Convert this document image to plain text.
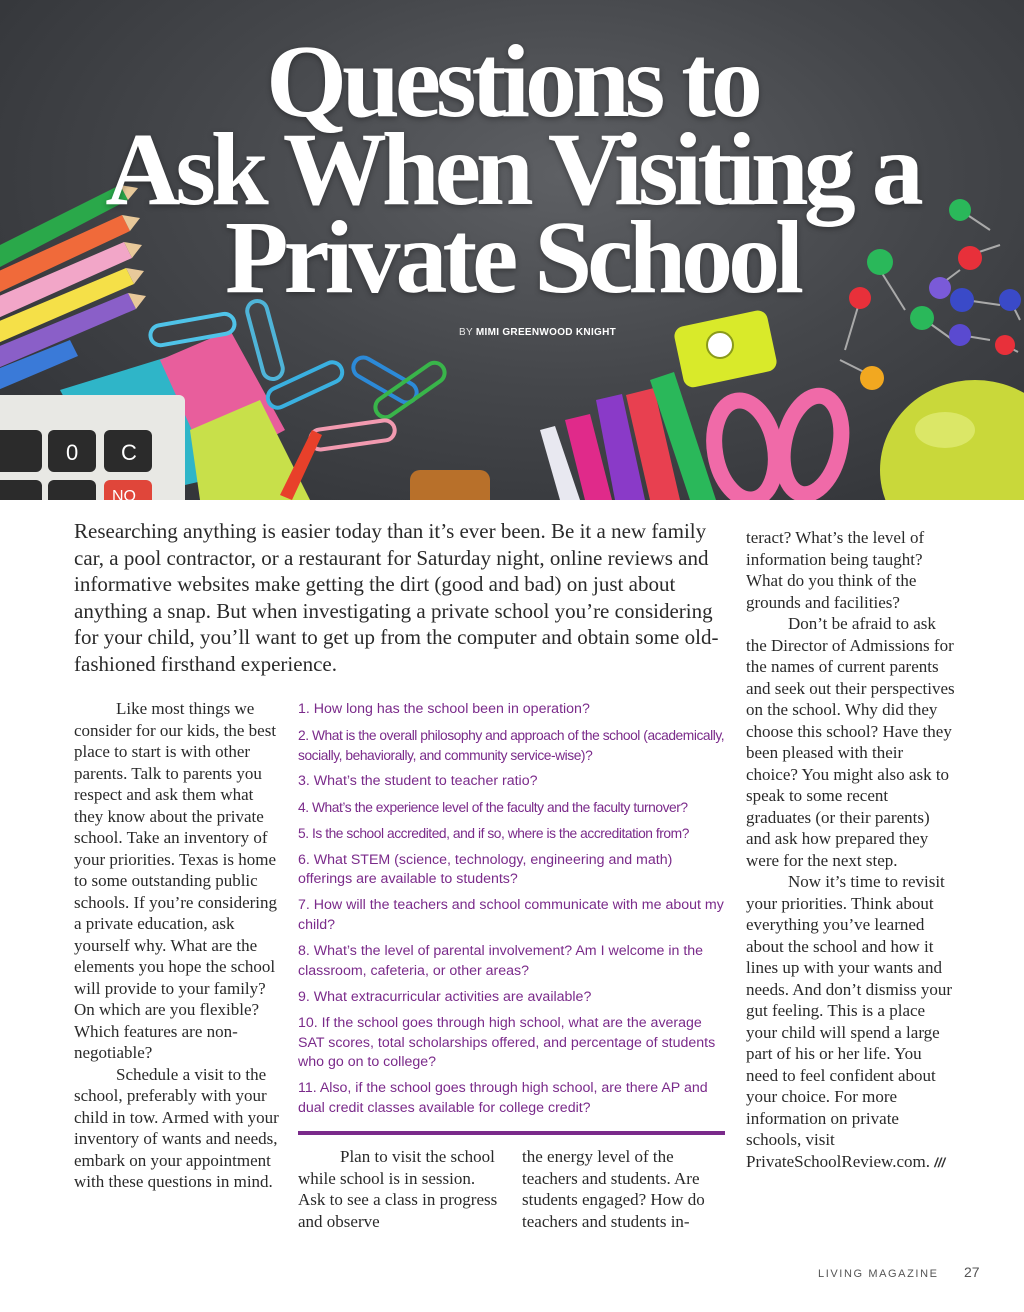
0 C
NO
Questions to
Ask When Visiting a
Private School
BY MIMI GREENWOOD KNIGHT

Researching anything is easier today than it’s ever been. Be it a new family car, a pool contractor, or a restaurant for Saturday night, online reviews and informative websites make getting the dirt (good and bad) on just about anything a snap. But when investigating a private school you’re considering for your child, you’ll want to get up from the computer and obtain some old-fashioned firsthand experience.

Like most things we consider for our kids, the best place to start is with other parents. Talk to parents you respect and ask them what they know about the private school. Take an inventory of your priorities. Texas is home to some outstanding public schools. If you’re considering a private education, ask yourself why. What are the elements you hope the school will provide to your family? On which are you flexible? Which features are non-negotiable?

Schedule a visit to the school, preferably with your child in tow. Armed with your inventory of wants and needs, embark on your appointment with these questions in mind.

1. How long has the school been in operation?
2. What is the overall philosophy and approach of the school (academically, socially, behaviorally, and community service-wise)?
3. What’s the student to teacher ratio?
4. What’s the experience level of the faculty and the faculty turnover?
5. Is the school accredited, and if so, where is the accreditation from?
6. What STEM (science, technology, engineering and math) offerings are available to students?
7. How will the teachers and school communicate with me about my child?
8. What’s the level of parental involvement? Am I welcome in the classroom, cafeteria, or other areas?
9. What extracurricular activities are available?
10. If the school goes through high school, what are the average SAT scores, total scholarships offered, and percentage of students who go on to college?
11. Also, if the school goes through high school, are there AP and dual credit classes available for college credit?

Plan to visit the school while school is in session. Ask to see a class in progress and observe

the energy level of the teachers and students. Are students engaged? How do teachers and students in-

teract? What’s the level of information being taught? What do you think of the grounds and facilities?

Don’t be afraid to ask the Director of Admissions for the names of current parents and seek out their perspectives on the school. Why did they choose this school? Have they been pleased with their choice? You might also ask to speak to some recent graduates (or their parents) and ask how prepared they were for the next step.

Now it’s time to revisit your priorities. Think about everything you’ve learned about the school and how it lines up with your wants and needs. And don’t dismiss your gut feeling. This is a place your child will spend a large part of his or her life. You need to feel confident about your choice. For more information on private schools, visit PrivateSchoolReview.com. ///

LIVING MAGAZINE 27
